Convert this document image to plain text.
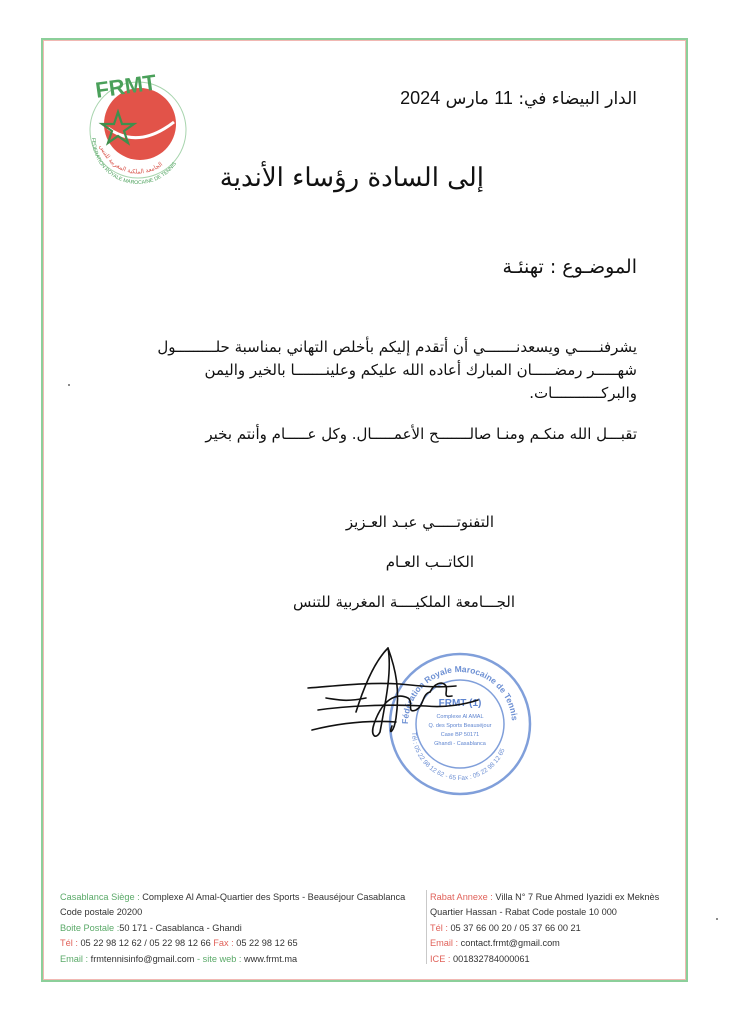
FRMT
FEDERATION ROYALE MAROCAINE DE TENNIS
الجامعة الملكية المغربية للتنس
الدار البيضاء في: 11 مارس 2024
إلى السادة رؤساء الأندية
الموضـوع : تهنئـة
يشرفنـــــي ويسعدنـــــــي أن أتقدم إليكم بأخلص التهاني بمناسبة حلـــــــــول
شهـــــر رمضـــــان المبارك أعاده الله عليكم وعلينـــــــا بالخير واليمن
والبركـــــــــــات.
تقبـــل الله منكـم ومنـا صالـــــــح الأعمـــــال. وكل عـــــام وأنتم بخير
التفنوتـــــي عبـد العـزيز
الكاتــب العـام
الجـــامعة الملكيــــة المغربية للتنس
Fédération Royale Marocaine de Tennis
Tél : 05 22 98 12 62 - 65 Fax : 05 22 98 12 65
FRMT (1)
Complexe Al AMAL
Q. des Sports Beauséjour
Case BP 50171
Ghandi - Casablanca
Casablanca Siège : Complexe Al Amal-Quartier des Sports - Beauséjour Casablanca
Code postale 20200
Boite Postale :50 171 - Casablanca - Ghandi
Tél : 05 22 98 12 62 / 05 22 98 12 66 Fax : 05 22 98 12 65
Email : frmtennisinfo@gmail.com - site web : www.frmt.ma
Rabat Annexe : Villa N° 7 Rue Ahmed Iyazidi ex Meknès
Quartier Hassan - Rabat Code postale 10 000
Tél : 05 37 66 00 20 / 05 37 66 00 21
Email : contact.frmt@gmail.com
ICE : 001832784000061
